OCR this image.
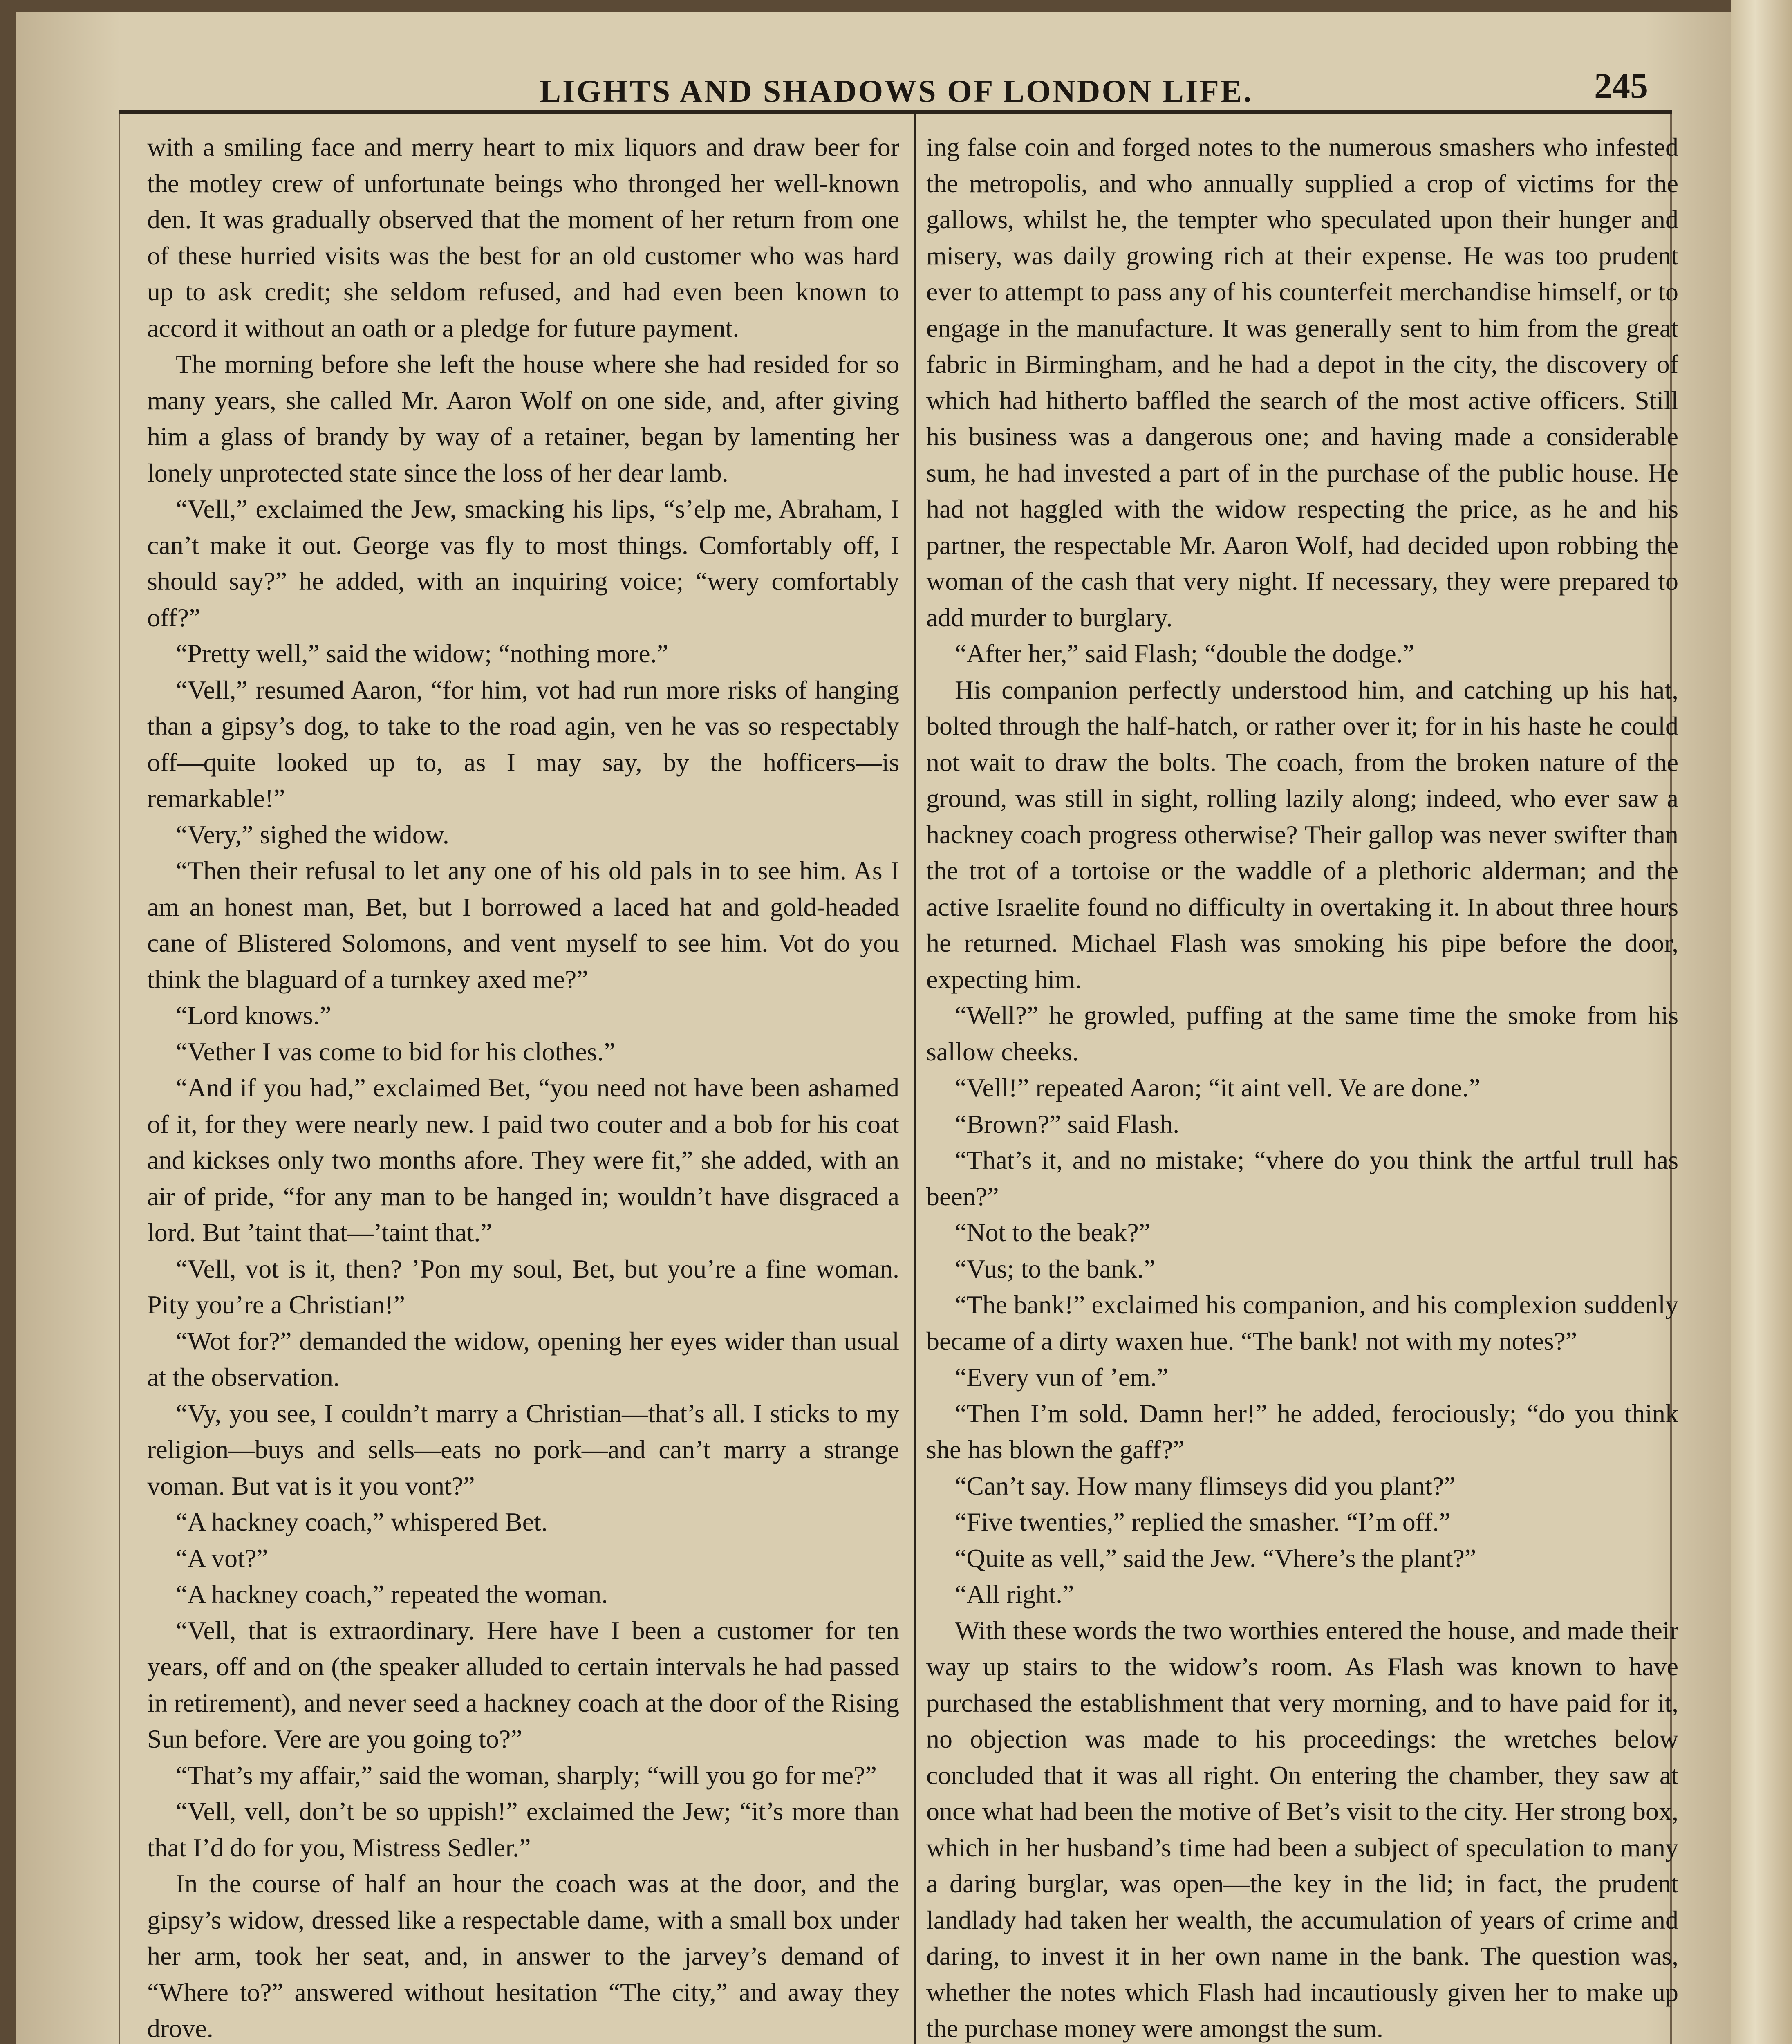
LIGHTS AND SHADOWS OF LONDON LIFE.	245

with a smiling face and merry heart to mix liquors and draw beer for the motley crew of unfortunate beings who thronged her well-known den. It was gradually observed that the moment of her return from one of these hurried visits was the best for an old customer who was hard up to ask credit; she seldom refused, and had even been known to accord it without an oath or a pledge for future payment.

The morning before she left the house where she had resided for so many years, she called Mr. Aaron Wolf on one side, and, after giving him a glass of brandy by way of a retainer, began by lamenting her lonely unprotected state since the loss of her dear lamb.

“Vell,” exclaimed the Jew, smacking his lips, “s’elp me, Abraham, I can’t make it out. George vas fly to most things. Comfortably off, I should say?” he added, with an inquiring voice; “wery comfortably off?”

“Pretty well,” said the widow; “nothing more.”

“Vell,” resumed Aaron, “for him, vot had run more risks of hanging than a gipsy’s dog, to take to the road agin, ven he vas so respectably off—quite looked up to, as I may say, by the hofficers—is remarkable!”

“Very,” sighed the widow.

“Then their refusal to let any one of his old pals in to see him. As I am an honest man, Bet, but I borrowed a laced hat and gold-headed cane of Blistered Solomons, and vent myself to see him. Vot do you think the blaguard of a turnkey axed me?”

“Lord knows.”

“Vether I vas come to bid for his clothes.”

“And if you had,” exclaimed Bet, “you need not have been ashamed of it, for they were nearly new. I paid two couter and a bob for his coat and kickses only two months afore. They were fit,” she added, with an air of pride, “for any man to be hanged in; wouldn’t have disgraced a lord. But ’taint that—’taint that.”

“Vell, vot is it, then? ’Pon my soul, Bet, but you’re a fine woman. Pity you’re a Christian!”

“Wot for?” demanded the widow, opening her eyes wider than usual at the observation.

“Vy, you see, I couldn’t marry a Christian—that’s all. I sticks to my religion—buys and sells—eats no pork—and can’t marry a strange voman. But vat is it you vont?”

“A hackney coach,” whispered Bet.

“A vot?”

“A hackney coach,” repeated the woman.

“Vell, that is extraordinary. Here have I been a customer for ten years, off and on (the speaker alluded to certain intervals he had passed in retirement), and never seed a hackney coach at the door of the Rising Sun before. Vere are you going to?”

“That’s my affair,” said the woman, sharply; “will you go for me?”

“Vell, vell, don’t be so uppish!” exclaimed the Jew; “it’s more than that I’d do for you, Mistress Sedler.”

In the course of half an hour the coach was at the door, and the gipsy’s widow, dressed like a respectable dame, with a small box under her arm, took her seat, and, in answer to the jarvey’s demand of “Where to?” answered without hesitation “The city,” and away they drove.

ing false coin and forged notes to the numerous smashers who infested the metropolis, and who annually supplied a crop of victims for the gallows, whilst he, the tempter who speculated upon their hunger and misery, was daily growing rich at their expense. He was too prudent ever to attempt to pass any of his counterfeit merchandise himself, or to engage in the manufacture. It was generally sent to him from the great fabric in Birmingham, and he had a depot in the city, the discovery of which had hitherto baffled the search of the most active officers. Still his business was a dangerous one; and having made a considerable sum, he had invested a part of in the purchase of the public house. He had not haggled with the widow respecting the price, as he and his partner, the respectable Mr. Aaron Wolf, had decided upon robbing the woman of the cash that very night. If necessary, they were prepared to add murder to burglary.

“After her,” said Flash; “double the dodge.”

His companion perfectly understood him, and catching up his hat, bolted through the half-hatch, or rather over it; for in his haste he could not wait to draw the bolts. The coach, from the broken nature of the ground, was still in sight, rolling lazily along; indeed, who ever saw a hackney coach progress otherwise? Their gallop was never swifter than the trot of a tortoise or the waddle of a plethoric alderman; and the active Israelite found no difficulty in overtaking it. In about three hours he returned. Michael Flash was smoking his pipe before the door, expecting him.

“Well?” he growled, puffing at the same time the smoke from his sallow cheeks.

“Vell!” repeated Aaron; “it aint vell. Ve are done.”

“Brown?” said Flash.

“That’s it, and no mistake; “vhere do you think the artful trull has been?”

“Not to the beak?”

“Vus; to the bank.”

“The bank!” exclaimed his companion, and his complexion suddenly became of a dirty waxen hue. “The bank! not with my notes?”

“Every vun of ’em.”

“Then I’m sold. Damn her!” he added, ferociously; “do you think she has blown the gaff?”

“Can’t say. How many flimseys did you plant?”

“Five twenties,” replied the smasher. “I’m off.”

“Quite as vell,” said the Jew. “Vhere’s the plant?”

“All right.”

With these words the two worthies entered the house, and made their way up stairs to the widow’s room. As Flash was known to have purchased the establishment that very morning, and to have paid for it, no objection was made to his proceedings: the wretches below concluded that it was all right. On entering the chamber, they saw at once what had been the motive of Bet’s visit to the city. Her strong box, which in her husband’s time had been a subject of speculation to many a daring burglar, was open—the key in the lid; in fact, the prudent landlady had taken her wealth, the accumulation of years of crime and daring, to invest it in her own name in the bank. The question was, whether the notes which Flash had incautiously given her to make up the purchase money were amongst the sum.
